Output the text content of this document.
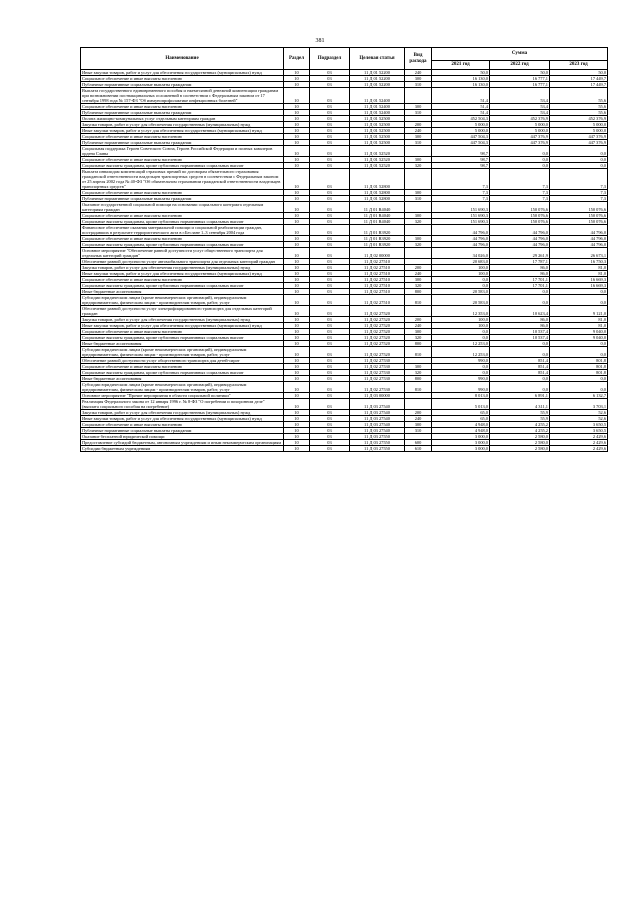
381
Наименование	Раздел	Подраздел	Целевая статья	Вид расхода	Сумма		
					2021 год	2022 год	2023 год
Иные закупки товаров, работ и услуг для обеспечения государственных (муниципальных) нужд	10	03	11 Д 01 52200	240	50,0	50,0	50,0
Социальное обеспечение и иные выплаты населению	10	03	11 Д 01 52200	300	16 130,0	16 777,1	17 449,7
Публичные нормативные социальные выплаты гражданам	10	03	11 Д 01 52200	310	16 130,0	16 777,1	17 449,7
Выплата государственного единовременного пособия и ежемесячной денежной компенсации гражданам при возникновении поствакцинальных осложнений в соответствии с Федеральным законом от 17 сентября 1998 года № 157-ФЗ "Об иммунопрофилактике инфекционных болезней"	10	03	11 Д 01 52400		51,4	53,4	55,6
Социальное обеспечение и иные выплаты населению	10	03	11 Д 01 52400	300	51,4	53,4	55,6
Публичные нормативные социальные выплаты гражданам	10	03	11 Д 01 52400	310	51,4	53,4	55,6
Оплата жилищно-коммунальных услуг отдельным категориям граждан	10	03	11 Д 01 52500		452 504,3	452 376,9	452 376,9
Закупка товаров, работ и услуг для обеспечения государственных (муниципальных) нужд	10	03	11 Д 01 52500	200	5 000,0	5 000,0	5 000,0
Иные закупки товаров, работ и услуг для обеспечения государственных (муниципальных) нужд	10	03	11 Д 01 52500	240	5 000,0	5 000,0	5 000,0
Социальное обеспечение и иные выплаты населению	10	03	11 Д 01 52500	300	447 504,3	447 376,9	447 376,9
Публичные нормативные социальные выплаты гражданам	10	03	11 Д 01 52500	310	447 504,3	447 376,9	447 376,9
Социальная поддержка Героев Советского Союза, Героев Российской Федерации и полных кавалеров ордена Славы	10	03	11 Д 01 52520		98,7	0,0	0,0
Социальное обеспечение и иные выплаты населению	10	03	11 Д 01 52520	300	98,7	0,0	0,0
Социальные выплаты гражданам, кроме публичных нормативных социальных выплат	10	03	11 Д 01 52520	320	98,7	0,0	0,0
Выплата инвалидам компенсаций страховых премий по договорам обязательного страхования гражданской ответственности владельцев транспортных средств в соответствии с Федеральным законом от 25 апреля 2002 года № 40-ФЗ "Об обязательном страховании гражданской ответственности владельцев транспортных средств"	10	03	11 Д 01 52800		7,3	7,3	7,3
Социальное обеспечение и иные выплаты населению	10	03	11 Д 01 52800	300	7,3	7,3	7,3
Публичные нормативные социальные выплаты гражданам	10	03	11 Д 01 52800	310	7,3	7,3	7,3
Оказание государственной социальной помощи на основании социального контракта отдельным категориям граждан	10	03	11 Д 01 R4040		151 690,3	150 076,6	150 076,6
Социальное обеспечение и иные выплаты населению	10	03	11 Д 01 R4040	300	151 690,3	150 076,6	150 076,6
Социальные выплаты гражданам, кроме публичных нормативных социальных выплат	10	03	11 Д 01 R4040	320	151 690,3	150 076,6	150 076,6
Финансовое обеспечение оказания материальной помощи и социальной реабилитации граждан, пострадавших в результате террористического акта в г.Беслане 1–3 сентября 2004 года	10	03	11 Д 01 R3920		44 796,0	44 796,0	44 796,0
Социальное обеспечение и иные выплаты населению	10	03	11 Д 01 R3920	300	44 796,0	44 796,0	44 796,0
Социальные выплаты гражданам, кроме публичных нормативных социальных выплат	10	03	11 Д 01 R3920	320	44 796,0	44 796,0	44 796,0
Основное мероприятие "Обеспечение равной доступности услуг общественного транспорта для отдельных категорий граждан"	10	03	11 Д 02 00000		34 026,0	29 261,9	26 673,1
Обеспечение равной доступности услуг автомобильного транспорта для отдельных категорий граждан	10	03	11 Д 02 27510		20 683,0	17 787,1	16 750,3
Закупка товаров, работ и услуг для обеспечения государственных (муниципальных) нужд	10	03	11 Д 02 27510	200	100,0	86,0	81,0
Иные закупки товаров, работ и услуг для обеспечения государственных (муниципальных) нужд	10	03	11 Д 02 27510	240	100,0	86,0	81,0
Социальное обеспечение и иные выплаты населению	10	03	11 Д 02 27510	300	0,0	17 701,1	16 669,3
Социальные выплаты гражданам, кроме публичных нормативных социальных выплат	10	03	11 Д 02 27510	320	0,0	17 701,1	16 669,3
Иные бюджетные ассигнования	10	03	11 Д 02 27510	800	20 583,0	0,0	0,0
Субсидии юридическим лицам (кроме некоммерческих организаций), индивидуальным предпринимателям, физическим лицам - производителям товаров, работ, услуг	10	03	11 Д 02 27510	810	20 583,0	0,0	0,0
Обеспечение равной доступности услуг электрифицированного транспорта для отдельных категорий граждан	10	03	11 Д 02 27520		12 353,0	10 623,4	9 121,0
Закупка товаров, работ и услуг для обеспечения государственных (муниципальных) нужд	10	03	11 Д 02 27520	200	100,0	86,0	81,0
Иные закупки товаров, работ и услуг для обеспечения государственных (муниципальных) нужд	10	03	11 Д 02 27520	240	100,0	86,0	81,0
Социальное обеспечение и иные выплаты населению	10	03	11 Д 02 27520	300	0,0	10 537,4	9 040,0
Социальные выплаты гражданам, кроме публичных нормативных социальных выплат	10	03	11 Д 02 27520	320	0,0	10 537,4	9 040,0
Иные бюджетные ассигнования	10	03	11 Д 02 27520	800	12 253,0	0,0	0,0
Субсидии юридическим лицам (кроме некоммерческих организаций), индивидуальным предпринимателям, физическим лицам - производителям товаров, работ, услуг	10	03	11 Д 02 27520	810	12 253,0	0,0	0,0
Обеспечение равной доступности услуг общественного транспорта для детей-сирот	10	03	11 Д 02 27530		990,0	851,4	801,8
Социальное обеспечение и иные выплаты населению	10	03	11 Д 02 27530	300	0,0	851,4	801,8
Социальные выплаты гражданам, кроме публичных нормативных социальных выплат	10	03	11 Д 02 27530	320	0,0	851,4	801,8
Иные бюджетные ассигнования	10	03	11 Д 02 27530	800	990,0	0,0	0,0
Субсидии юридическим лицам (кроме некоммерческих организаций), индивидуальным предпринимателям, физическим лицам - производителям товаров, работ, услуг	10	03	11 Д 02 27530	810	990,0	0,0	0,0
Основное мероприятие "Прочие мероприятия в области социальной политики"	10	03	11 Д 03 00000		8 013,0	6 891,1	6 132,7
Реализация Федерального закона от 12 января 1996 г. № 8-ФЗ "О погребении и похоронном деле" (выплата социального пособия на погребение)	10	03	11 Д 03 27540		5 013,0	4 311,1	3 703,1
Закупка товаров, работ и услуг для обеспечения государственных (муниципальных) нужд	10	03	11 Д 03 27540	200	65,0	55,9	52,6
Иные закупки товаров, работ и услуг для обеспечения государственных (муниципальных) нужд	10	03	11 Д 03 27540	240	65,0	55,9	52,6
Социальное обеспечение и иные выплаты населению	10	03	11 Д 03 27540	300	4 948,0	4 255,2	3 650,5
Публичные нормативные социальные выплаты гражданам	10	03	11 Д 03 27540	310	4 948,0	4 255,2	3 650,5
Оказание бесплатной юридической помощи	10	03	11 Д 03 27550		3 000,0	2 580,0	2 429,6
Предоставление субсидий бюджетным, автономным учреждениям и иным некоммерческим организациям	10	03	11 Д 03 27550	600	3 000,0	2 580,0	2 429,6
Субсидии бюджетным учреждениям	10	03	11 Д 03 27550	610	3 000,0	2 580,0	2 429,6
